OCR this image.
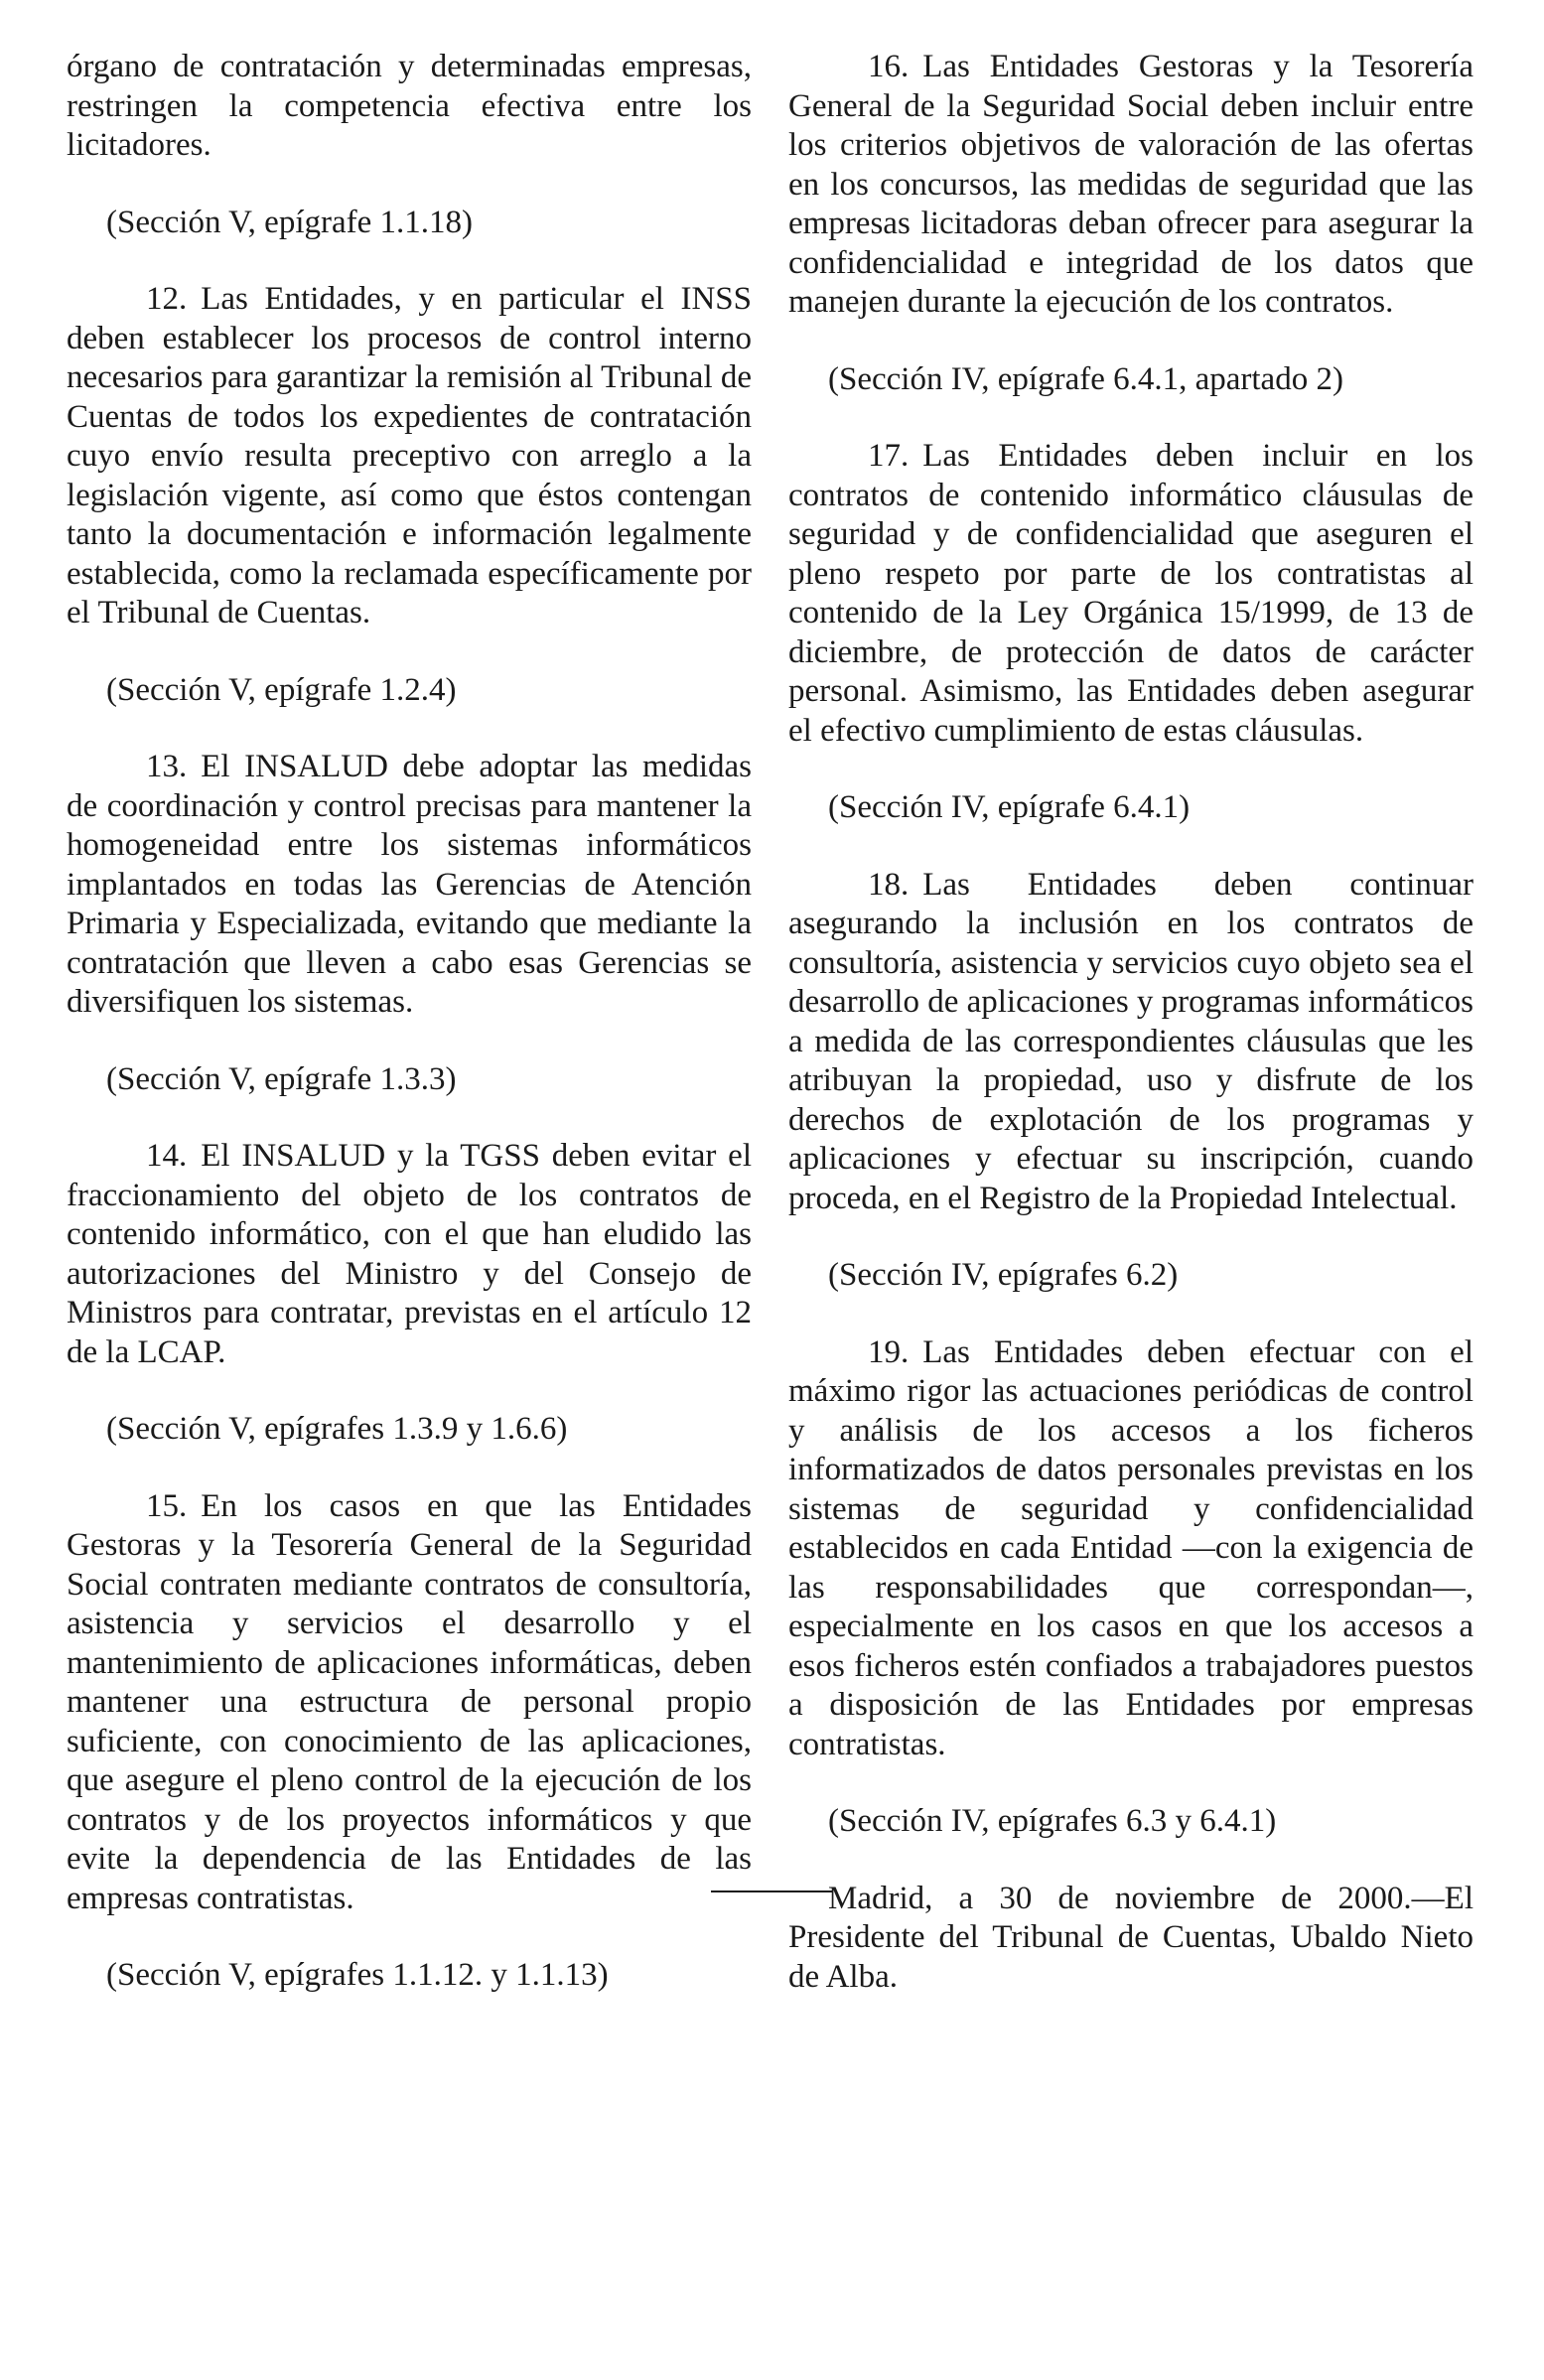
órgano de contratación y determinadas empresas, restringen la competencia efectiva entre los licitadores.

(Sección V, epígrafe 1.1.18)

12. Las Entidades, y en particular el INSS deben establecer los procesos de control interno necesarios para garantizar la remisión al Tribunal de Cuentas de todos los expedientes de contratación cuyo envío resulta preceptivo con arreglo a la legislación vigente, así como que éstos contengan tanto la documentación e información legalmente establecida, como la reclamada específicamente por el Tribunal de Cuentas.

(Sección V, epígrafe 1.2.4)

13. El INSALUD debe adoptar las medidas de coordinación y control precisas para mantener la homogeneidad entre los sistemas informáticos implantados en todas las Gerencias de Atención Primaria y Especializada, evitando que mediante la contratación que lleven a cabo esas Gerencias se diversifiquen los sistemas.

(Sección V, epígrafe 1.3.3)

14. El INSALUD y la TGSS deben evitar el fraccionamiento del objeto de los contratos de contenido informático, con el que han eludido las autorizaciones del Ministro y del Consejo de Ministros para contratar, previstas en el artículo 12 de la LCAP.

(Sección V, epígrafes 1.3.9 y 1.6.6)

15. En los casos en que las Entidades Gestoras y la Tesorería General de la Seguridad Social contraten mediante contratos de consultoría, asistencia y servicios el desarrollo y el mantenimiento de aplicaciones informáticas, deben mantener una estructura de personal propio suficiente, con conocimiento de las aplicaciones, que asegure el pleno control de la ejecución de los contratos y de los proyectos informáticos y que evite la dependencia de las Entidades de las empresas contratistas.

(Sección V, epígrafes 1.1.12. y 1.1.13)

16. Las Entidades Gestoras y la Tesorería General de la Seguridad Social deben incluir entre los criterios objetivos de valoración de las ofertas en los concursos, las medidas de seguridad que las empresas licitadoras deban ofrecer para asegurar la confidencialidad e integridad de los datos que manejen durante la ejecución de los contratos.

(Sección IV, epígrafe 6.4.1, apartado 2)

17. Las Entidades deben incluir en los contratos de contenido informático cláusulas de seguridad y de confidencialidad que aseguren el pleno respeto por parte de los contratistas al contenido de la Ley Orgánica 15/1999, de 13 de diciembre, de protección de datos de carácter personal. Asimismo, las Entidades deben asegurar el efectivo cumplimiento de estas cláusulas.

(Sección IV, epígrafe 6.4.1)

18. Las Entidades deben continuar asegurando la inclusión en los contratos de consultoría, asistencia y servicios cuyo objeto sea el desarrollo de aplicaciones y programas informáticos a medida de las correspondientes cláusulas que les atribuyan la propiedad, uso y disfrute de los derechos de explotación de los programas y aplicaciones y efectuar su inscripción, cuando proceda, en el Registro de la Propiedad Intelectual.

(Sección IV, epígrafes 6.2)

19. Las Entidades deben efectuar con el máximo rigor las actuaciones periódicas de control y análisis de los accesos a los ficheros informatizados de datos personales previstas en los sistemas de seguridad y confidencialidad establecidos en cada Entidad —con la exigencia de las responsabilidades que correspondan—, especialmente en los casos en que los accesos a esos ficheros estén confiados a trabajadores puestos a disposición de las Entidades por empresas contratistas.

(Sección IV, epígrafes 6.3 y 6.4.1)

Madrid, a 30 de noviembre de 2000.—El Presidente del Tribunal de Cuentas, Ubaldo Nieto de Alba.
